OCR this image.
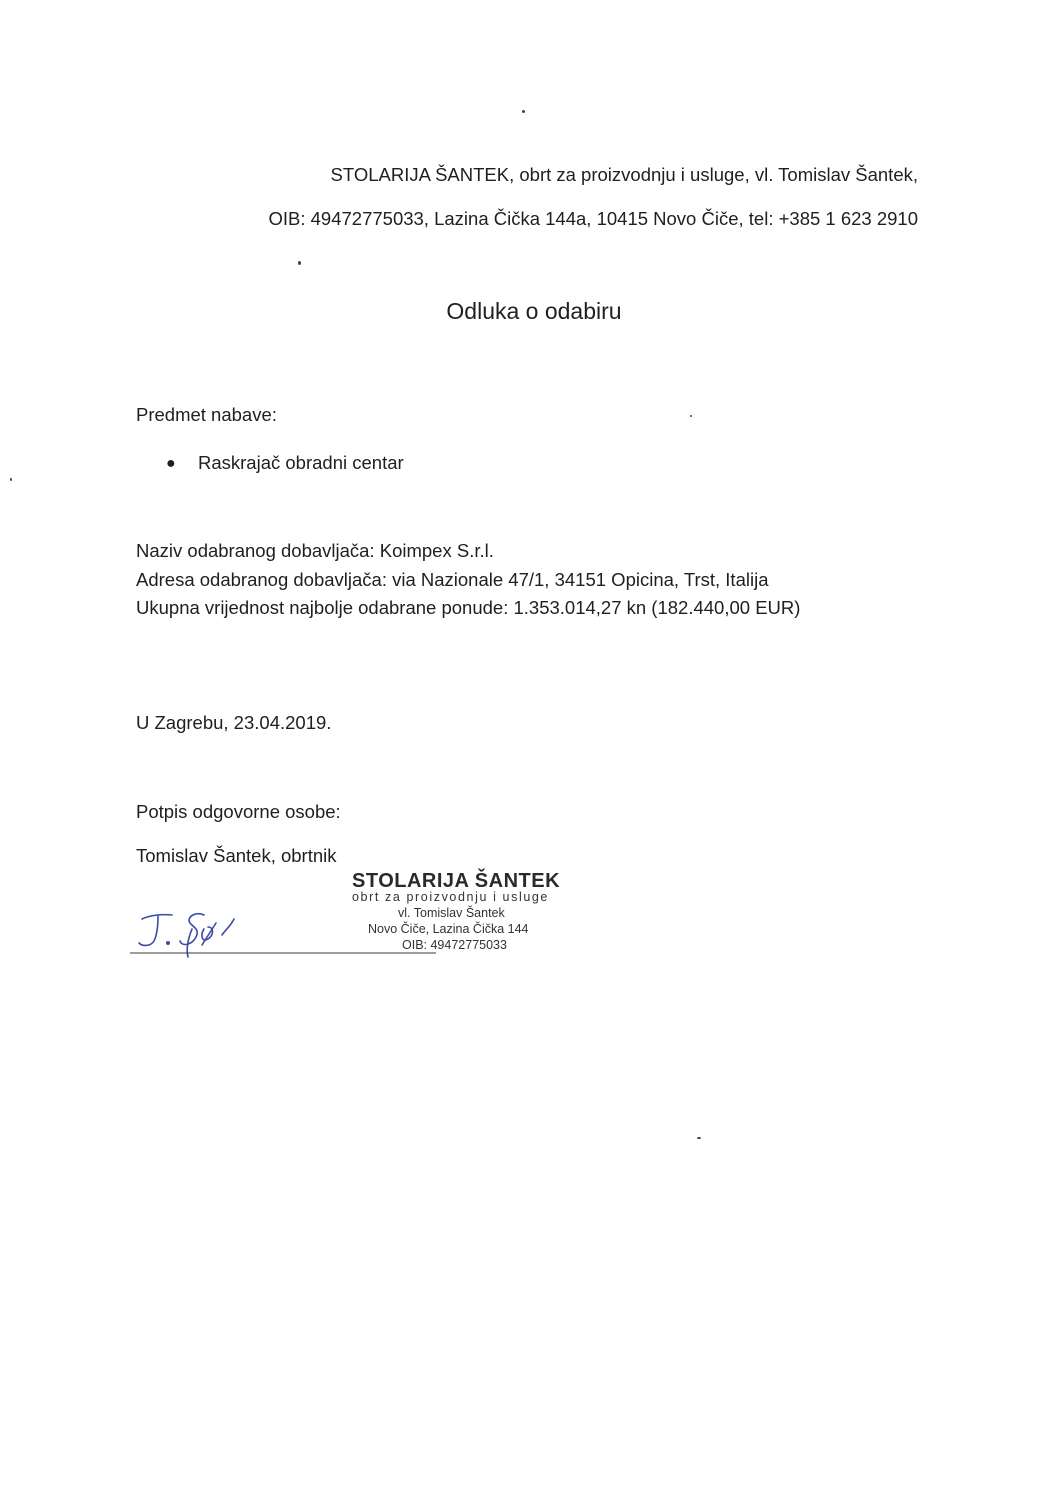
STOLARIJA ŠANTEK, obrt za proizvodnju i usluge, vl. Tomislav Šantek,
OIB: 49472775033, Lazina Čička 144a, 10415 Novo Čiče, tel: +385 1 623 2910
Odluka o odabiru
Predmet nabave:
● Raskrajač obradni centar
Naziv odabranog dobavljača: Koimpex S.r.l.
Adresa odabranog dobavljača: via Nazionale 47/1, 34151 Opicina, Trst, Italija
Ukupna vrijednost najbolje odabrane ponude: 1.353.014,27 kn (182.440,00 EUR)
U Zagrebu, 23.04.2019.
Potpis odgovorne osobe:
Tomislav Šantek, obrtnik
STOLARIJA ŠANTEK
obrt za proizvodnju i usluge
vl. Tomislav Šantek
Novo Čiče, Lazina Čička 144
OIB: 49472775033
